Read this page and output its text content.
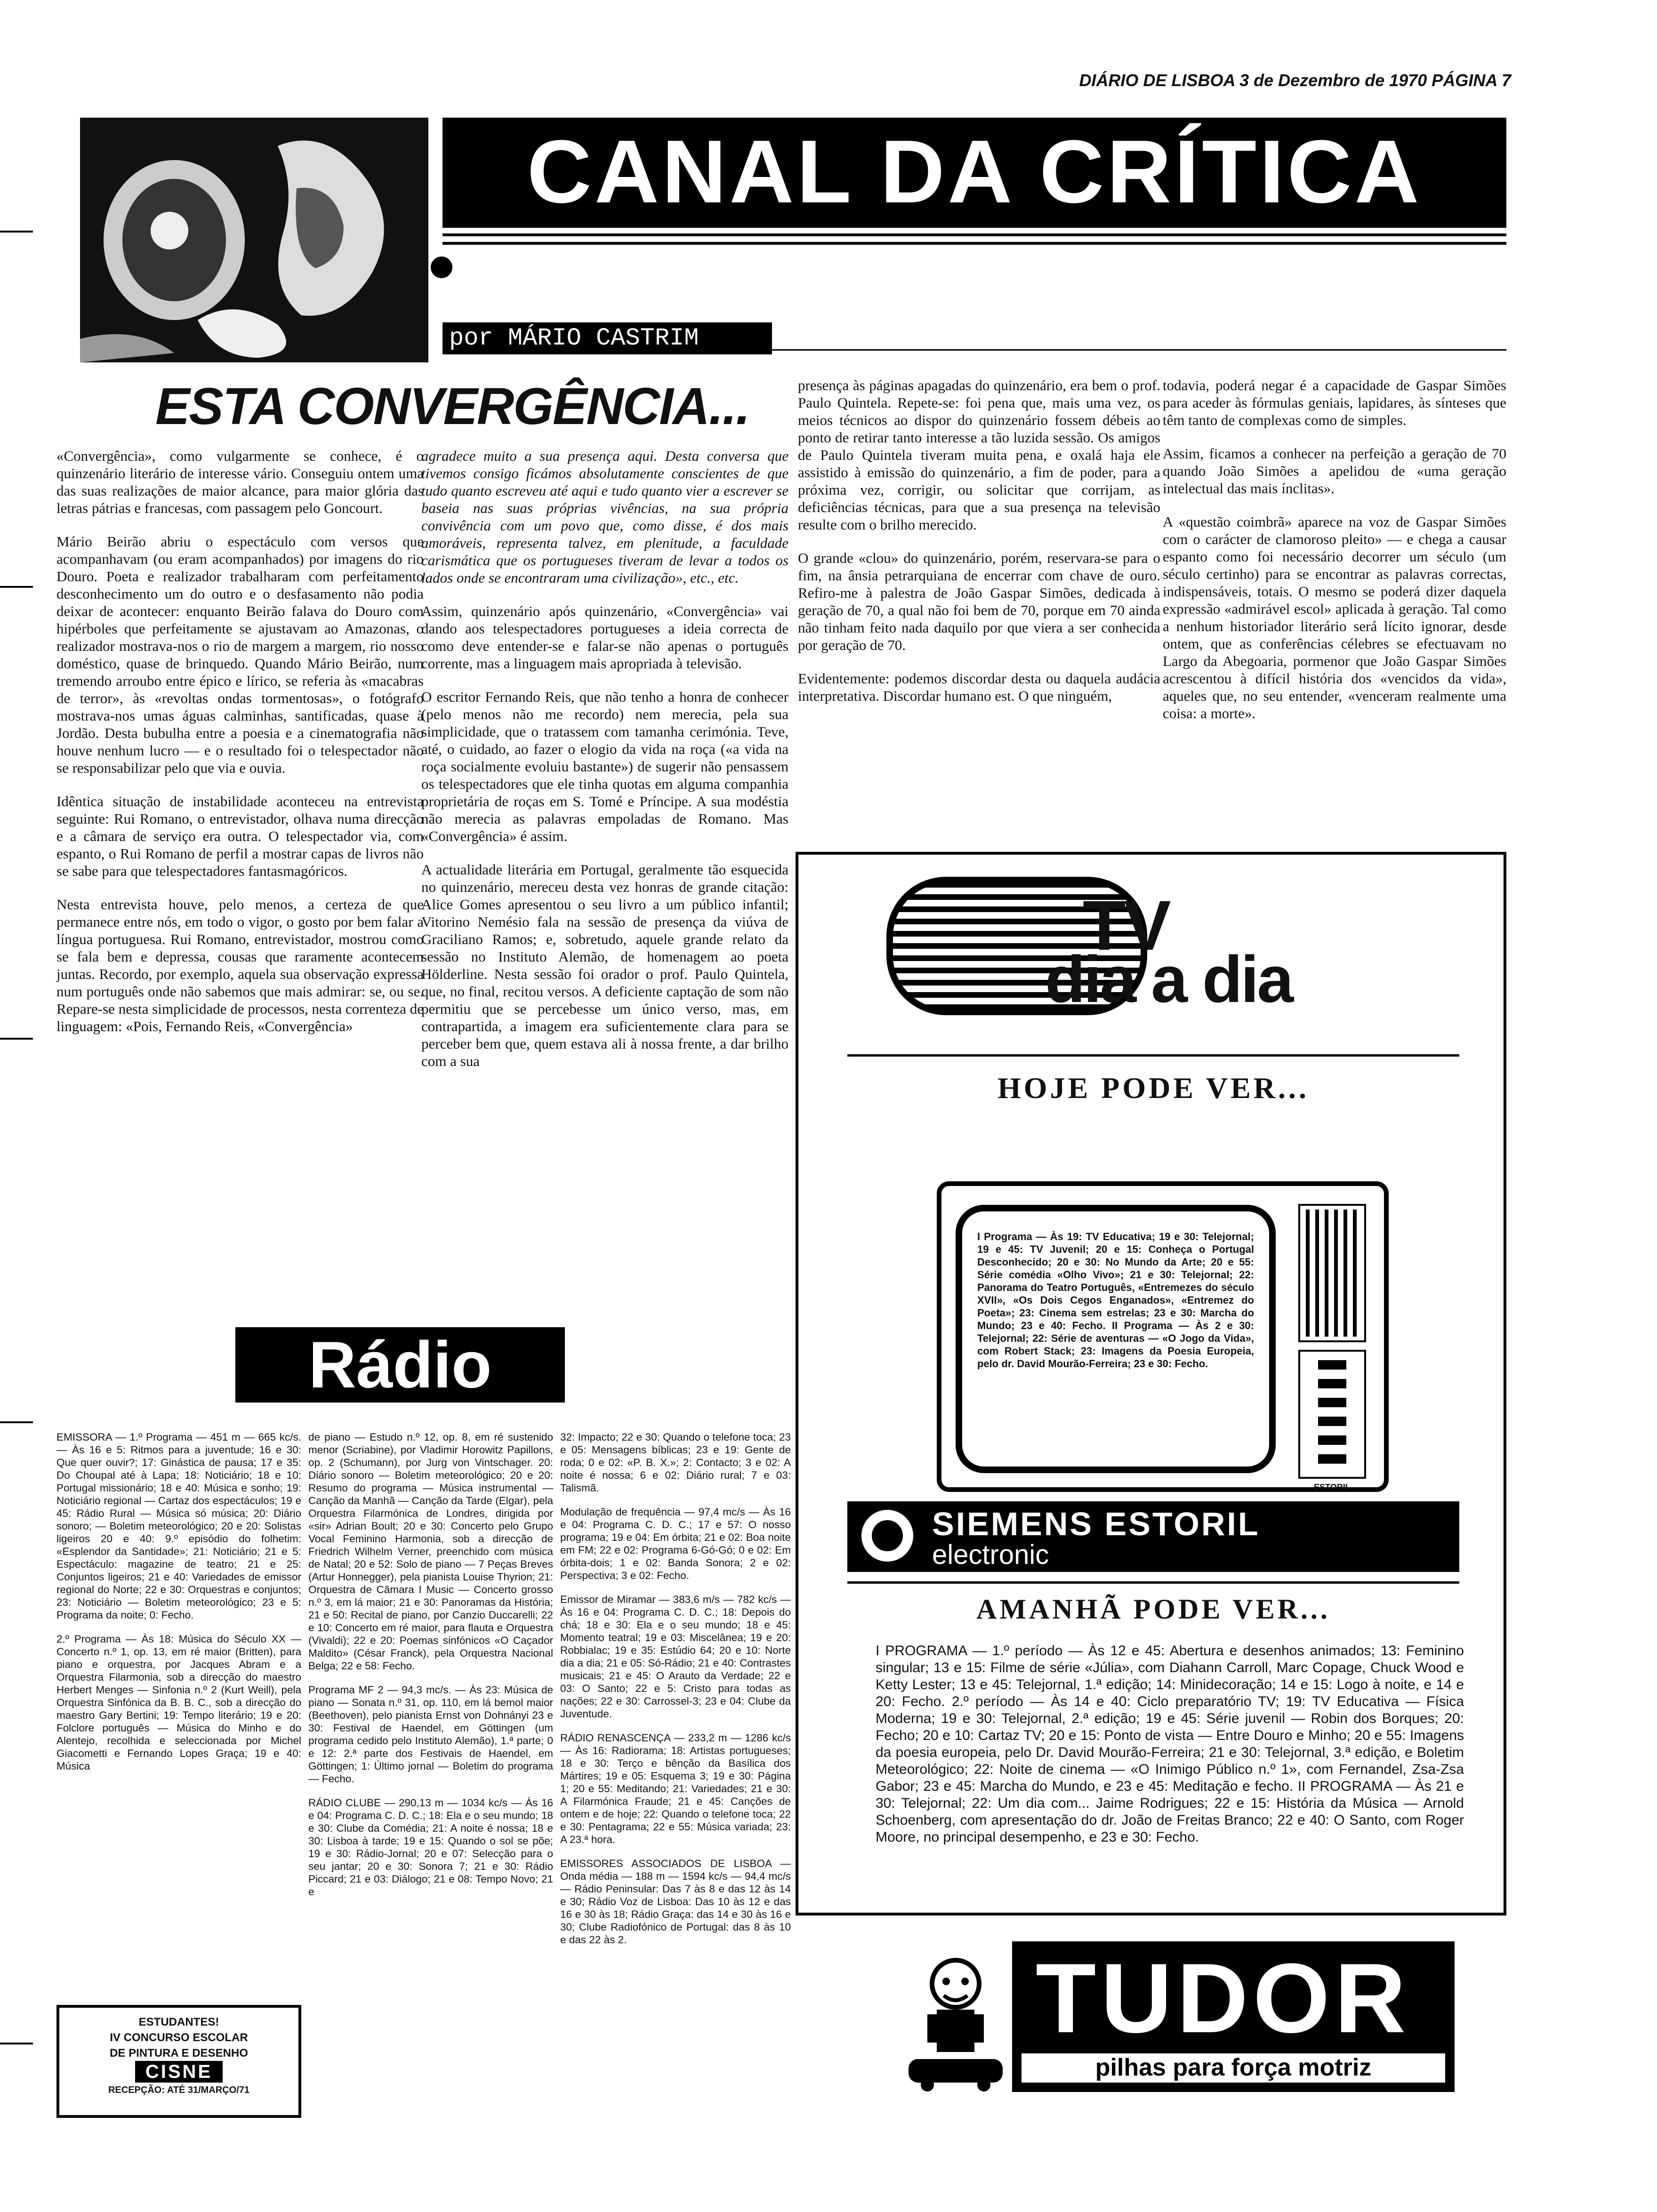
DIÁRIO DE LISBOA 3 de Dezembro de 1970 PÁGINA 7
CANAL DA CRÍTICA
por MÁRIO CASTRIM
ESTA CONVERGÊNCIA...

«Convergência», como vulgarmente se conhece, é o quinzenário literário de interesse vário. Conseguiu ontem uma das suas realizações de maior alcance, para maior glória das letras pátrias e francesas, com passagem pelo Goncourt.

Mário Beirão abriu o espectáculo com versos que acompanhavam (ou eram acompanhados) por imagens do rio Douro. Poeta e realizador trabalharam com perfeitamento desconhecimento um do outro e o desfasamento não podia deixar de acontecer: enquanto Beirão falava do Douro com hipérboles que perfeitamente se ajustavam ao Amazonas, o realizador mostrava-nos o rio de margem a margem, rio nosso doméstico, quase de brinquedo. Quando Mário Beirão, num tremendo arroubo entre épico e lírico, se referia às «macabras de terror», às «revoltas ondas tormentosas», o fotógrafo mostrava-nos umas águas calminhas, santificadas, quase à Jordão. Desta bubulha entre a poesia e a cinematografia não houve nenhum lucro — e o resultado foi o telespectador não se responsabilizar pelo que via e ouvia.

Idêntica situação de instabilidade aconteceu na entrevista seguinte: Rui Romano, o entrevistador, olhava numa direcção e a câmara de serviço era outra. O telespectador via, com espanto, o Rui Romano de perfil a mostrar capas de livros não se sabe para que telespectadores fantasmagóricos.

Nesta entrevista houve, pelo menos, a certeza de que permanece entre nós, em todo o vigor, o gosto por bem falar a língua portuguesa. Rui Romano, entrevistador, mostrou como se fala bem e depressa, cousas que raramente acontecem juntas. Recordo, por exemplo, aquela sua observação expressa num português onde não sabemos que mais admirar: se, ou se. Repare-se nesta simplicidade de processos, nesta correnteza de linguagem: «Pois, Fernando Reis, «Convergência»

agradece muito a sua presença aqui. Desta conversa que tivemos consigo ficámos absolutamente conscientes de que tudo quanto escreveu até aqui e tudo quanto vier a escrever se baseia nas suas próprias vivências, na sua própria convivência com um povo que, como disse, é dos mais amoráveis, representa talvez, em plenitude, a faculdade carismática que os portugueses tiveram de levar a todos os lados onde se encontraram uma civilização», etc., etc.

Assim, quinzenário após quinzenário, «Convergência» vai dando aos telespectadores portugueses a ideia correcta de como deve entender-se e falar-se não apenas o português corrente, mas a linguagem mais apropriada à televisão.

O escritor Fernando Reis, que não tenho a honra de conhecer (pelo menos não me recordo) nem merecia, pela sua simplicidade, que o tratassem com tamanha cerimónia. Teve, até, o cuidado, ao fazer o elogio da vida na roça («a vida na roça socialmente evoluiu bastante») de sugerir não pensassem os telespectadores que ele tinha quotas em alguma companhia proprietária de roças em S. Tomé e Príncipe. A sua modéstia não merecia as palavras empoladas de Romano. Mas «Convergência» é assim.

A actualidade literária em Portugal, geralmente tão esquecida no quinzenário, mereceu desta vez honras de grande citação: Alice Gomes apresentou o seu livro a um público infantil; Vitorino Nemésio fala na sessão de presença da viúva de Graciliano Ramos; e, sobretudo, aquele grande relato da sessão no Instituto Alemão, de homenagem ao poeta Hölderline. Nesta sessão foi orador o prof. Paulo Quintela, que, no final, recitou versos. A deficiente captação de som não permitiu que se percebesse um único verso, mas, em contrapartida, a imagem era suficientemente clara para se perceber bem que, quem estava ali à nossa frente, a dar brilho com a sua

presença às páginas apagadas do quinzenário, era bem o prof. Paulo Quintela. Repete-se: foi pena que, mais uma vez, os meios técnicos ao dispor do quinzenário fossem débeis ao ponto de retirar tanto interesse a tão luzida sessão. Os amigos de Paulo Quintela tiveram muita pena, e oxalá haja ele assistido à emissão do quinzenário, a fim de poder, para a próxima vez, corrigir, ou solicitar que corrijam, as deficiências técnicas, para que a sua presença na televisão resulte com o brilho merecido.

O grande «clou» do quinzenário, porém, reservara-se para o fim, na ânsia petrarquiana de encerrar com chave de ouro. Refiro-me à palestra de João Gaspar Simões, dedicada à geração de 70, a qual não foi bem de 70, porque em 70 ainda não tinham feito nada daquilo por que viera a ser conhecida por geração de 70.

Evidentemente: podemos discordar desta ou daquela audácia interpretativa. Discordar humano est. O que ninguém,

todavia, poderá negar é a capacidade de Gaspar Simões para aceder às fórmulas geniais, lapidares, às sínteses que têm tanto de complexas como de simples.

Assim, ficamos a conhecer na perfeição a geração de 70 quando João Simões a apelidou de «uma geração intelectual das mais ínclitas».

A «questão coimbrã» aparece na voz de Gaspar Simões com o carácter de clamoroso pleito» — e chega a causar espanto como foi necessário decorrer um século (um século certinho) para se encontrar as palavras correctas, indispensáveis, totais. O mesmo se poderá dizer daquela expressão «admirável escol» aplicada à geração. Tal como a nenhum historiador literário será lícito ignorar, desde ontem, que as conferências célebres se efectuavam no Largo da Abegoaria, pormenor que João Gaspar Simões acrescentou à difícil história dos «vencidos da vida», aqueles que, no seu entender, «venceram realmente uma coisa: a morte».

TV
dia a dia
HOJE PODE VER...
I Programa — Às 19: TV Educativa; 19 e 30: Telejornal; 19 e 45: TV Juvenil; 20 e 15: Conheça o Portugal Desconhecido; 20 e 30: No Mundo da Arte; 20 e 55: Série comédia «Olho Vivo»; 21 e 30: Telejornal; 22: Panorama do Teatro Português, «Entremezes do século XVII», «Os Dois Cegos Enganados», «Entremez do Poeta»; 23: Cinema sem estrelas; 23 e 30: Marcha do Mundo; 23 e 40: Fecho. II Programa — Às 2 e 30: Telejornal; 22: Série de aventuras — «O Jogo da Vida», com Robert Stack; 23: Imagens da Poesia Europeia, pelo dr. David Mourão-Ferreira; 23 e 30: Fecho.
ESTORIL
SIEMENS ESTORIL
electronic
AMANHÃ PODE VER...
I PROGRAMA — 1.º período — Às 12 e 45: Abertura e desenhos animados; 13: Feminino singular; 13 e 15: Filme de série «Júlia», com Diahann Carroll, Marc Copage, Chuck Wood e Ketty Lester; 13 e 45: Telejornal, 1.ª edição; 14: Minidecoração; 14 e 15: Logo à noite, e 14 e 20: Fecho. 2.º período — Às 14 e 40: Ciclo preparatório TV; 19: TV Educativa — Física Moderna; 19 e 30: Telejornal, 2.ª edição; 19 e 45: Série juvenil — Robin dos Borques; 20: Fecho; 20 e 10: Cartaz TV; 20 e 15: Ponto de vista — Entre Douro e Minho; 20 e 55: Imagens da poesia europeia, pelo Dr. David Mourão-Ferreira; 21 e 30: Telejornal, 3.ª edição, e Boletim Meteorológico; 22: Noite de cinema — «O Inimigo Público n.º 1», com Fernandel, Zsa-Zsa Gabor; 23 e 45: Marcha do Mundo, e 23 e 45: Meditação e fecho. II PROGRAMA — Às 21 e 30: Telejornal; 22: Um dia com... Jaime Rodrigues; 22 e 15: História da Música — Arnold Schoenberg, com apresentação do dr. João de Freitas Branco; 22 e 40: O Santo, com Roger Moore, no principal desempenho, e 23 e 30: Fecho.
TUDOR
pilhas para força motriz
Rádio

EMISSORA — 1.º Programa — 451 m — 665 kc/s. — Às 16 e 5: Ritmos para a juventude; 16 e 30: Que quer ouvir?; 17: Ginástica de pausa; 17 e 35: Do Choupal até à Lapa; 18: Noticiário; 18 e 10: Portugal missionário; 18 e 40: Música e sonho; 19: Noticiário regional — Cartaz dos espectáculos; 19 e 45: Rádio Rural — Música só música; 20: Diário sonoro; — Boletim meteorológico; 20 e 20: Solistas ligeiros 20 e 40: 9.º episódio do folhetim: «Esplendor da Santidade»; 21: Noticiário; 21 e 5: Espectáculo: magazine de teatro; 21 e 25: Conjuntos ligeiros; 21 e 40: Variedades de emissor regional do Norte; 22 e 30: Orquestras e conjuntos; 23: Noticiário — Boletim meteorológico; 23 e 5: Programa da noite; 0: Fecho.

2.º Programa — Às 18: Música do Século XX — Concerto n.º 1, op. 13, em ré maior (Britten), para piano e orquestra, por Jacques Abram e a Orquestra Filarmonia, sob a direcção do maestro Herbert Menges — Sinfonia n.º 2 (Kurt Weill), pela Orquestra Sinfónica da B. B. C., sob a direcção do maestro Gary Bertini; 19: Tempo literário; 19 e 20: Folclore português — Música do Minho e do Alentejo, recolhida e seleccionada por Michel Giacometti e Fernando Lopes Graça; 19 e 40: Música

de piano — Estudo n.º 12, op. 8, em ré sustenido menor (Scriabine), por Vladimir Horowitz Papillons, op. 2 (Schumann), por Jurg von Vintschager. 20: Diário sonoro — Boletim meteorológico; 20 e 20: Resumo do programa — Música instrumental — Canção da Manhã — Canção da Tarde (Elgar), pela Orquestra Filarmónica de Londres, dirigida por «sir» Adrian Boult; 20 e 30: Concerto pelo Grupo Vocal Feminino Harmonia, sob a direcção de Friedrich Wilhelm Verner, preenchido com música de Natal; 20 e 52: Solo de piano — 7 Peças Breves (Artur Honnegger), pela pianista Louise Thyrion; 21: Orquestra de Câmara I Music — Concerto grosso n.º 3, em lá maior; 21 e 30: Panoramas da História; 21 e 50: Recital de piano, por Canzio Duccarelli; 22 e 10: Concerto em ré maior, para flauta e Orquestra (Vivaldi); 22 e 20: Poemas sinfónicos «O Caçador Maldito» (César Franck), pela Orquestra Nacional Belga; 22 e 58: Fecho.

Programa MF 2 — 94,3 mc/s. — Às 23: Música de piano — Sonata n.º 31, op. 110, em lá bemol maior (Beethoven), pelo pianista Ernst von Dohnányi 23 e 30: Festival de Haendel, em Göttingen (um programa cedido pelo Instituto Alemão), 1.ª parte; 0 e 12: 2.ª parte dos Festivais de Haendel, em Göttingen; 1: Último jornal — Boletim do programa — Fecho.

RÁDIO CLUBE — 290,13 m — 1034 kc/s — Às 16 e 04: Programa C. D. C.; 18: Ela e o seu mundo; 18 e 30: Clube da Comédia; 21: A noite é nossa; 18 e 30: Lisboa à tarde; 19 e 15: Quando o sol se põe; 19 e 30: Rádio-Jornal; 20 e 07: Selecção para o seu jantar; 20 e 30: Sonora 7; 21 e 30: Rádio Piccard; 21 e 03: Diálogo; 21 e 08: Tempo Novo; 21 e

32: Impacto; 22 e 30: Quando o telefone toca; 23 e 05: Mensagens bíblicas; 23 e 19: Gente de roda; 0 e 02: «P. B. X.»; 2: Contacto; 3 e 02: A noite é nossa; 6 e 02: Diário rural; 7 e 03: Talismã.

Modulação de frequência — 97,4 mc/s — Às 16 e 04: Programa C. D. C.; 17 e 57: O nosso programa; 19 e 04: Em órbita; 21 e 02: Boa noite em FM; 22 e 02: Programa 6-Gó-Gó; 0 e 02: Em órbita-dois; 1 e 02: Banda Sonora; 2 e 02: Perspectiva; 3 e 02: Fecho.

Emissor de Miramar — 383,6 m/s — 782 kc/s — Às 16 e 04: Programa C. D. C.; 18: Depois do chá; 18 e 30: Ela e o seu mundo; 18 e 45: Momento teatral; 19 e 03: Miscelânea; 19 e 20: Robbialac; 19 e 35: Estúdio 64; 20 e 10: Norte dia a dia; 21 e 05: Só-Rádio; 21 e 40: Contrastes musicais; 21 e 45: O Arauto da Verdade; 22 e 03: O Santo; 22 e 5: Cristo para todas as nações; 22 e 30: Carrossel-3; 23 e 04: Clube da Juventude.

RÁDIO RENASCENÇA — 233,2 m — 1286 kc/s — Às 16: Radiorama; 18: Artistas portugueses; 18 e 30: Terço e bênção da Basílica dos Mártires; 19 e 05: Esquema 3; 19 e 30: Página 1; 20 e 55: Meditando; 21: Variedades; 21 e 30: A Filarmónica Fraude; 21 e 45: Canções de ontem e de hoje; 22: Quando o telefone toca; 22 e 30: Pentagrama; 22 e 55: Música variada; 23: A 23.ª hora.

EMISSORES ASSOCIADOS DE LISBOA — Onda média — 188 m — 1594 kc/s — 94,4 mc/s — Rádio Peninsular: Das 7 às 8 e das 12 às 14 e 30; Rádio Voz de Lisboa: Das 10 às 12 e das 16 e 30 às 18; Rádio Graça: das 14 e 30 às 16 e 30; Clube Radiofónico de Portugal: das 8 às 10 e das 22 às 2.

ESTUDANTES!
IV CONCURSO ESCOLAR
DE PINTURA E DESENHO
CISNE
RECEPÇÃO: ATÉ 31/MARÇO/71
